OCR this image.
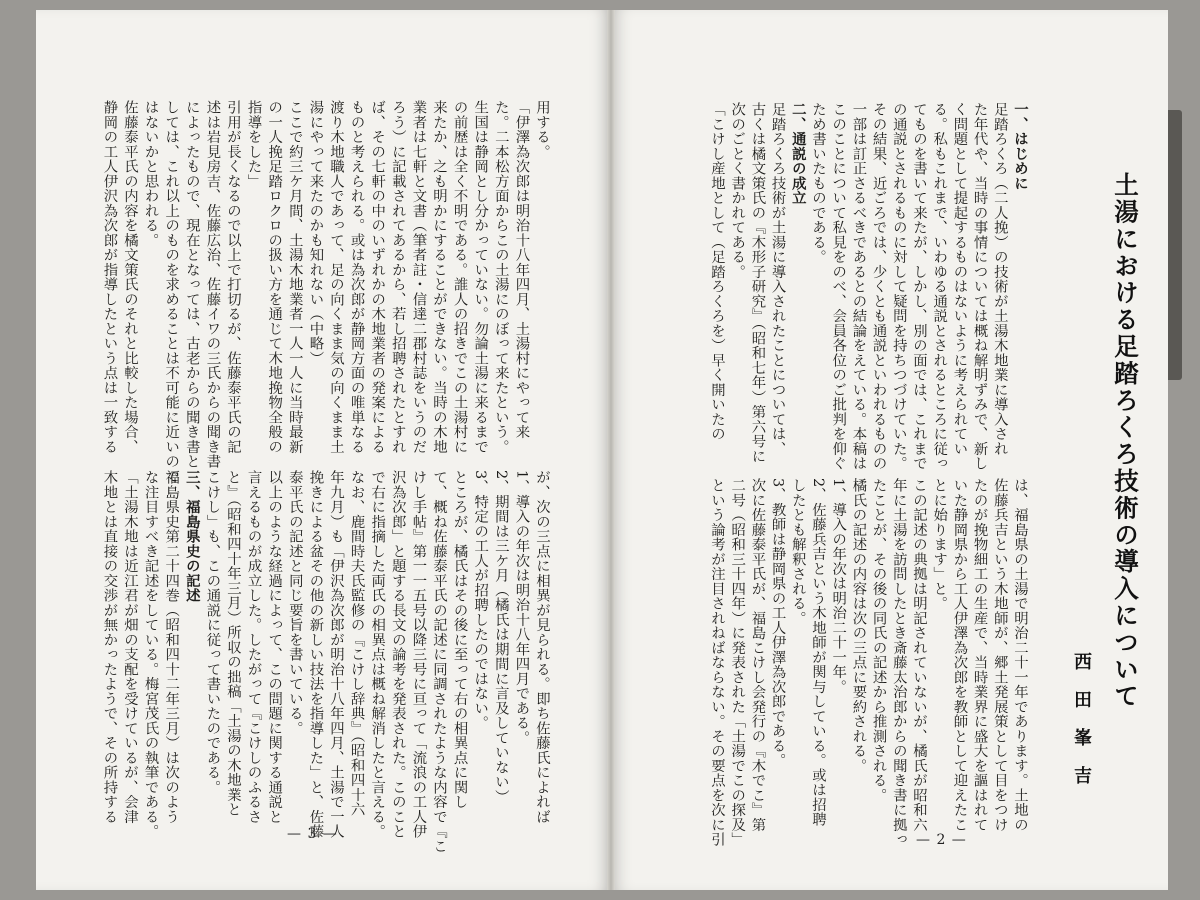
土湯における足踏ろくろ技術の導入について
西田峯吉
一、はじめに
足踏ろくろ（二人挽）の技術が土湯木地業に導入され
た年代や、当時の事情については概ね解明ずみで、新し
く問題として提起するものはないように考えられてい
る。私もこれまで、いわゆる通説とされるところに従っ
てものを書いて来たが、しかし、別の面では、これまで
の通説とされるものに対して疑問を持ちつづけていた。
その結果、近ごろでは、少くとも通説といわれるものの
一部は訂正さるべきであるとの結論をえている。本稿は
このことについて私見をのべ、会員各位のご批判を仰ぐ
ため書いたものである。
二、通説の成立
足踏ろくろ技術が土湯に導入されたことについては、
古くは橘文策氏の『木形子研究』（昭和七年）第六号に
次のごとく書かれてある。
「こけし産地として（足踏ろくろを）早く開いたの
は、福島県の土湯で明治二十一年であります。土地の
佐藤兵吉という木地師が、郷土発展策として目をつけ
たのが挽物細工の生産で、当時業界に盛大を謳はれて
いた静岡県から工人伊澤為次郎を教師として迎えたこ
とに始ります」と。
この記述の典拠は明記されていないが、橘氏が昭和六
年に土湯を訪問したとき斎藤太治郎からの聞き書に拠っ
たことが、その後の同氏の記述から推測される。
橘氏の記述の内容は次の三点に要約される。
1、導入の年次は明治二十一年。
2、佐藤兵吉という木地師が関与している。或は招聘
したとも解釈される。
3、教師は静岡県の工人伊澤為次郎である。
次に佐藤泰平氏が、福島こけし会発行の『木でこ』第
二号（昭和三十四年）に発表された「土湯でこの探及」
という論考が注目されねばならない。その要点を次に引
用する。
「伊澤為次郎は明治十八年四月、土湯村にやって来
た。二本松方面からこの土湯にのぼって来たという。
生国は静岡とし分かっていない。勿論土湯に来るまで
の前歴は全く不明である。誰人の招きでこの土湯村に
来たか、之も明かにすることができない。当時の木地
業者は七軒と文書（筆者註・信達二郡村誌をいうのだ
ろう）に記載されてあるから、若し招聘されたとすれ
ば、その七軒の中のいずれかの木地業者の発案による
ものと考えられる。或は為次郎が静岡方面の唯単なる
渡り木地職人であって、足の向くまま気の向くまま土
湯にやって来たのかも知れない（中略）
ここで約三ケ月間、土湯木地業者一人一人に当時最新
の一人挽足踏ロクロの扱い方を通じて木地挽物全般の
指導をした」
引用が長くなるので以上で打切るが、佐藤泰平氏の記
述は岩見房吉、佐藤広治、佐藤イワの三氏からの聞き書
によったもので、現在となっては、古老からの聞き書と
しては、これ以上のものを求めることは不可能に近いので
はないかと思われる。
佐藤泰平氏の内容を橘文策氏のそれと比較した場合、
静岡の工人伊沢為次郎が指導したという点は一致する
が、次の三点に相異が見られる。即ち佐藤氏によれば
1、導入の年次は明治十八年四月である。
2、期間は三ケ月（橘氏は期間に言及していない）
3、特定の工人が招聘したのではない。
ところが、橘氏はその後に至って右の相異点に関し
て、概ね佐藤泰平氏の記述に同調されたような内容で『こ
けし手帖』第一一五号以降三号に亘って「流浪の工人伊
沢為次郎」と題する長文の論考を発表された。このこと
で右に指摘した両氏の相異点は概ね解消したと言える。
なお、鹿間時夫氏監修の『こけし辞典』（昭和四十六
年九月）も「伊沢為次郎が明治十八年四月、土湯で一人
挽きによる盆その他の新しい技法を指導した」と、佐藤
泰平氏の記述と同じ要旨を書いている。
以上のような経過によって、この問題に関する通説と
言えるものが成立した。したがって『こけしのふるさ
と』（昭和四十年三月）所収の拙稿「土湯の木地業と
こけし」も、この通説に従って書いたのである。
三、福島県史の記述
福島県史第二十四巻（昭和四十二年三月）は次のよう
な注目すべき記述をしている。梅宮茂氏の執筆である。
「土湯木地は近江君が畑の支配を受けているが、会津
木地とは直接の交渉が無かったようで、その所持する
— 2 —
— 3 —
